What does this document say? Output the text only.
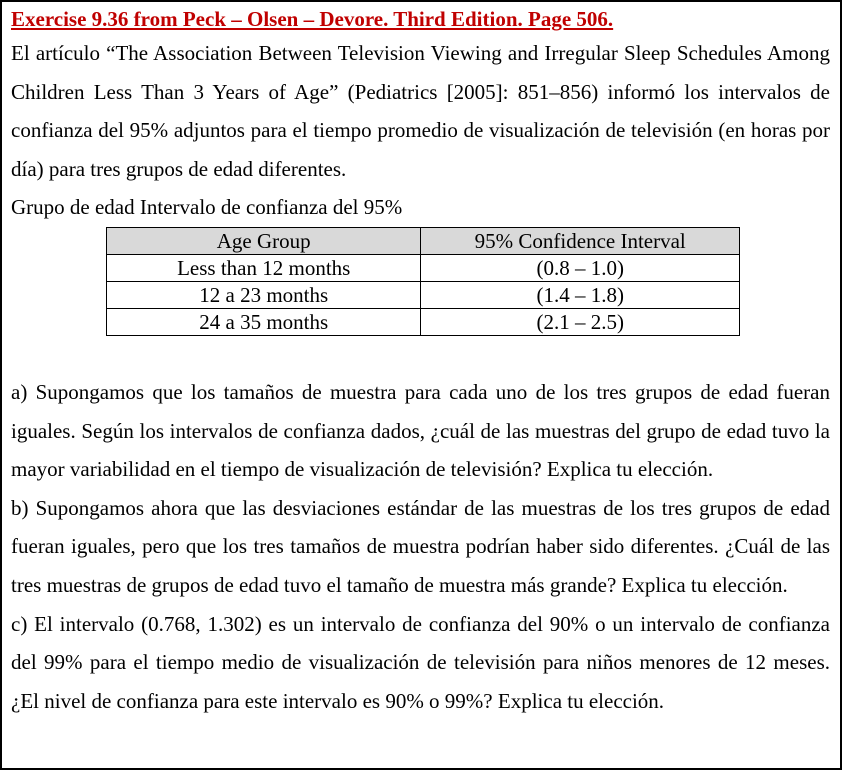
Exercise 9.36 from Peck – Olsen – Devore. Third Edition. Page 506.

El artículo “The Association Between Television Viewing and Irregular Sleep Schedules Among Children Less Than 3 Years of Age” (Pediatrics [2005]: 851–856) informó los intervalos de confianza del 95% adjuntos para el tiempo promedio de visualización de televisión (en horas por día) para tres grupos de edad diferentes.

Grupo de edad Intervalo de confianza del 95%

Age Group	95% Confidence Interval
Less than 12 months	(0.8 – 1.0)
12 a 23 months	(1.4 – 1.8)
24 a 35 months	(2.1 – 2.5)

a) Supongamos que los tamaños de muestra para cada uno de los tres grupos de edad fueran iguales. Según los intervalos de confianza dados, ¿cuál de las muestras del grupo de edad tuvo la mayor variabilidad en el tiempo de visualización de televisión? Explica tu elección.

b) Supongamos ahora que las desviaciones estándar de las muestras de los tres grupos de edad fueran iguales, pero que los tres tamaños de muestra podrían haber sido diferentes. ¿Cuál de las tres muestras de grupos de edad tuvo el tamaño de muestra más grande? Explica tu elección.

c) El intervalo (0.768, 1.302) es un intervalo de confianza del 90% o un intervalo de confianza del 99% para el tiempo medio de visualización de televisión para niños menores de 12 meses. ¿El nivel de confianza para este intervalo es 90% o 99%? Explica tu elección.
